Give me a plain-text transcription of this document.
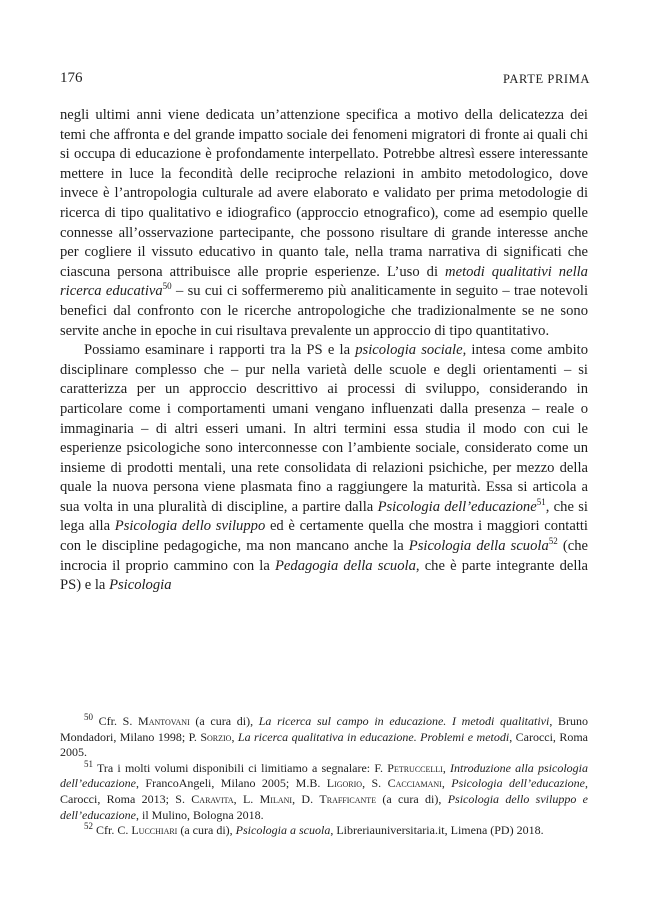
176	PARTE PRIMA

negli ultimi anni viene dedicata un’attenzione specifica a motivo della delicatezza dei temi che affronta e del grande impatto sociale dei fenomeni migratori di fronte ai quali chi si occupa di educazione è profondamente interpellato. Potrebbe altresì essere interessante mettere in luce la fecondità delle reciproche relazioni in ambito metodologico, dove invece è l’antropologia culturale ad avere elaborato e validato per prima metodologie di ricerca di tipo qualitativo e idiografico (approccio etnografico), come ad esempio quelle connesse all’osservazione partecipante, che possono risultare di grande interesse anche per cogliere il vissuto educativo in quanto tale, nella trama narrativa di significati che ciascuna persona attribuisce alle proprie esperienze. L’uso di metodi qualitativi nella ricerca educativa$^{50}$ – su cui ci soffermeremo più analiticamente in seguito – trae notevoli benefici dal confronto con le ricerche antropologiche che tradizionalmente se ne sono servite anche in epoche in cui risultava prevalente un approccio di tipo quantitativo.

Possiamo esaminare i rapporti tra la PS e la psicologia sociale, intesa come ambito disciplinare complesso che – pur nella varietà delle scuole e degli orientamenti – si caratterizza per un approccio descrittivo ai processi di sviluppo, considerando in particolare come i comportamenti umani vengano influenzati dalla presenza – reale o immaginaria – di altri esseri umani. In altri termini essa studia il modo con cui le esperienze psicologiche sono interconnesse con l’ambiente sociale, considerato come un insieme di prodotti mentali, una rete consolidata di relazioni psichiche, per mezzo della quale la nuova persona viene plasmata fino a raggiungere la maturità. Essa si articola a sua volta in una pluralità di discipline, a partire dalla Psicologia dell’educazione$^{51}$, che si lega alla Psicologia dello sviluppo ed è certamente quella che mostra i maggiori contatti con le discipline pedagogiche, ma non mancano anche la Psicologia della scuola$^{52}$ (che incrocia il proprio cammino con la Pedagogia della scuola, che è parte integrante della PS) e la Psicologia

$^{50}$ Cfr. S. Mantovani (a cura di), La ricerca sul campo in educazione. I metodi qualitativi, Bruno Mondadori, Milano 1998; P. Sorzio, La ricerca qualitativa in educazione. Problemi e metodi, Carocci, Roma 2005.

$^{51}$ Tra i molti volumi disponibili ci limitiamo a segnalare: F. Petruccelli, Introduzione alla psicologia dell’educazione, FrancoAngeli, Milano 2005; M.B. Ligorio, S. Cacciamani, Psicologia dell’educazione, Carocci, Roma 2013; S. Caravita, L. Milani, D. Trafficante (a cura di), Psicologia dello sviluppo e dell’educazione, il Mulino, Bologna 2018.

$^{52}$ Cfr. C. Lucchiari (a cura di), Psicologia a scuola, Libreriauniversitaria.it, Limena (PD) 2018.
